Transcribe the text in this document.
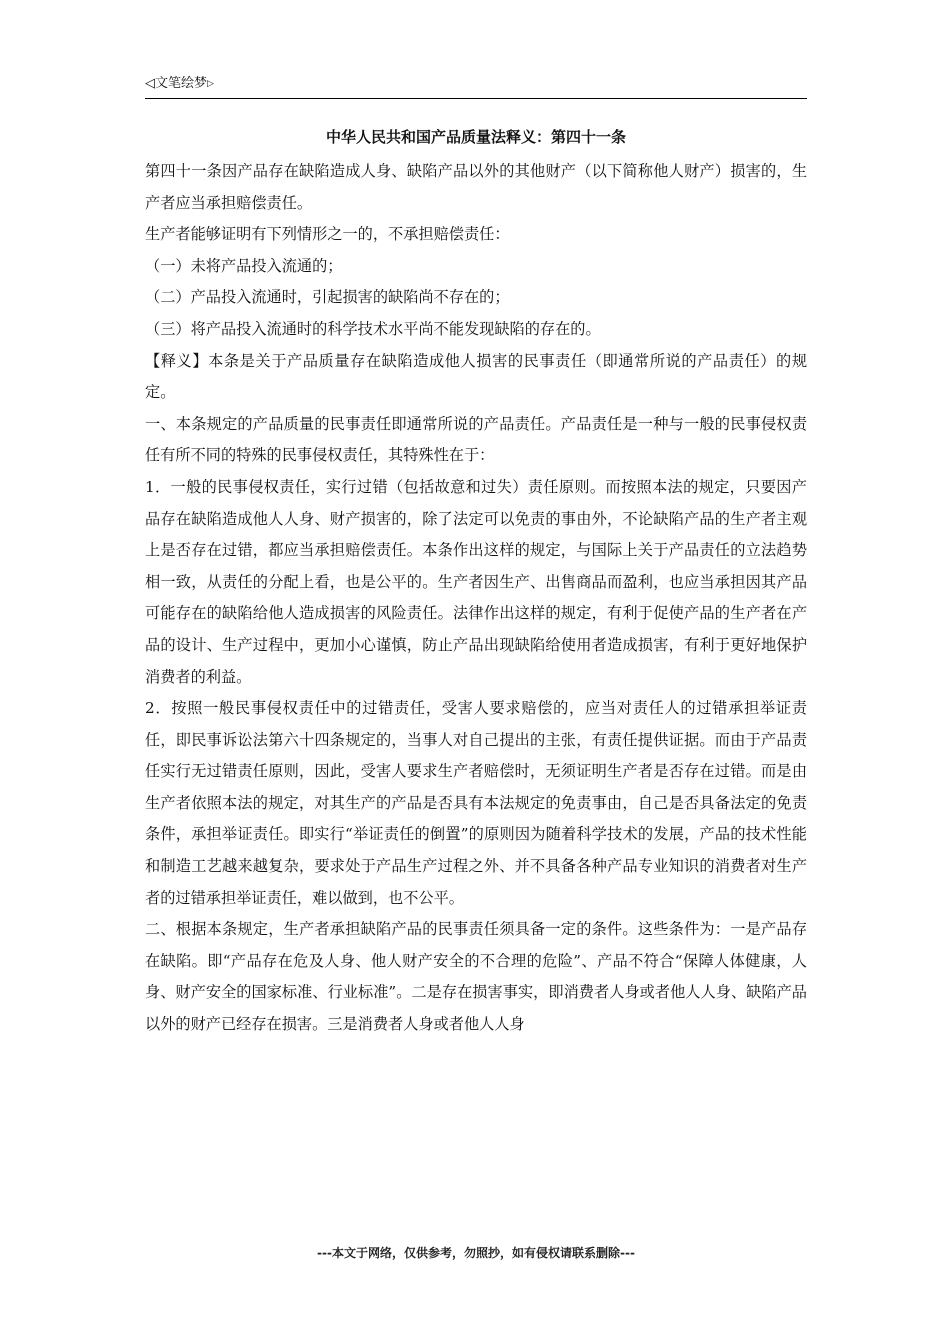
◁文笔绘梦▷
中华人民共和国产品质量法释义：第四十一条

第四十一条因产品存在缺陷造成人身、缺陷产品以外的其他财产（以下简称他人财产）损害的，生产者应当承担赔偿责任。

生产者能够证明有下列情形之一的，不承担赔偿责任：

（一）未将产品投入流通的；

（二）产品投入流通时，引起损害的缺陷尚不存在的；

（三）将产品投入流通时的科学技术水平尚不能发现缺陷的存在的。

【释义】本条是关于产品质量存在缺陷造成他人损害的民事责任（即通常所说的产品责任）的规定。

一、本条规定的产品质量的民事责任即通常所说的产品责任。产品责任是一种与一般的民事侵权责任有所不同的特殊的民事侵权责任，其特殊性在于：

1．一般的民事侵权责任，实行过错（包括故意和过失）责任原则。而按照本法的规定，只要因产品存在缺陷造成他人人身、财产损害的，除了法定可以免责的事由外，不论缺陷产品的生产者主观上是否存在过错，都应当承担赔偿责任。本条作出这样的规定，与国际上关于产品责任的立法趋势相一致，从责任的分配上看，也是公平的。生产者因生产、出售商品而盈利，也应当承担因其产品可能存在的缺陷给他人造成损害的风险责任。法律作出这样的规定，有利于促使产品的生产者在产品的设计、生产过程中，更加小心谨慎，防止产品出现缺陷给使用者造成损害，有利于更好地保护消费者的利益。

2．按照一般民事侵权责任中的过错责任，受害人要求赔偿的，应当对责任人的过错承担举证责任，即民事诉讼法第六十四条规定的，当事人对自己提出的主张，有责任提供证据。而由于产品责任实行无过错责任原则，因此，受害人要求生产者赔偿时，无须证明生产者是否存在过错。而是由生产者依照本法的规定，对其生产的产品是否具有本法规定的免责事由，自己是否具备法定的免责条件，承担举证责任。即实行“举证责任的倒置”的原则因为随着科学技术的发展，产品的技术性能和制造工艺越来越复杂，要求处于产品生产过程之外、并不具备各种产品专业知识的消费者对生产者的过错承担举证责任，难以做到，也不公平。

二、根据本条规定，生产者承担缺陷产品的民事责任须具备一定的条件。这些条件为：一是产品存在缺陷。即“产品存在危及人身、他人财产安全的不合理的危险”、产品不符合“保障人体健康，人身、财产安全的国家标准、行业标准”。二是存在损害事实，即消费者人身或者他人人身、缺陷产品以外的财产已经存在损害。三是消费者人身或者他人人身

---本文于网络，仅供参考，勿照抄，如有侵权请联系删除---
